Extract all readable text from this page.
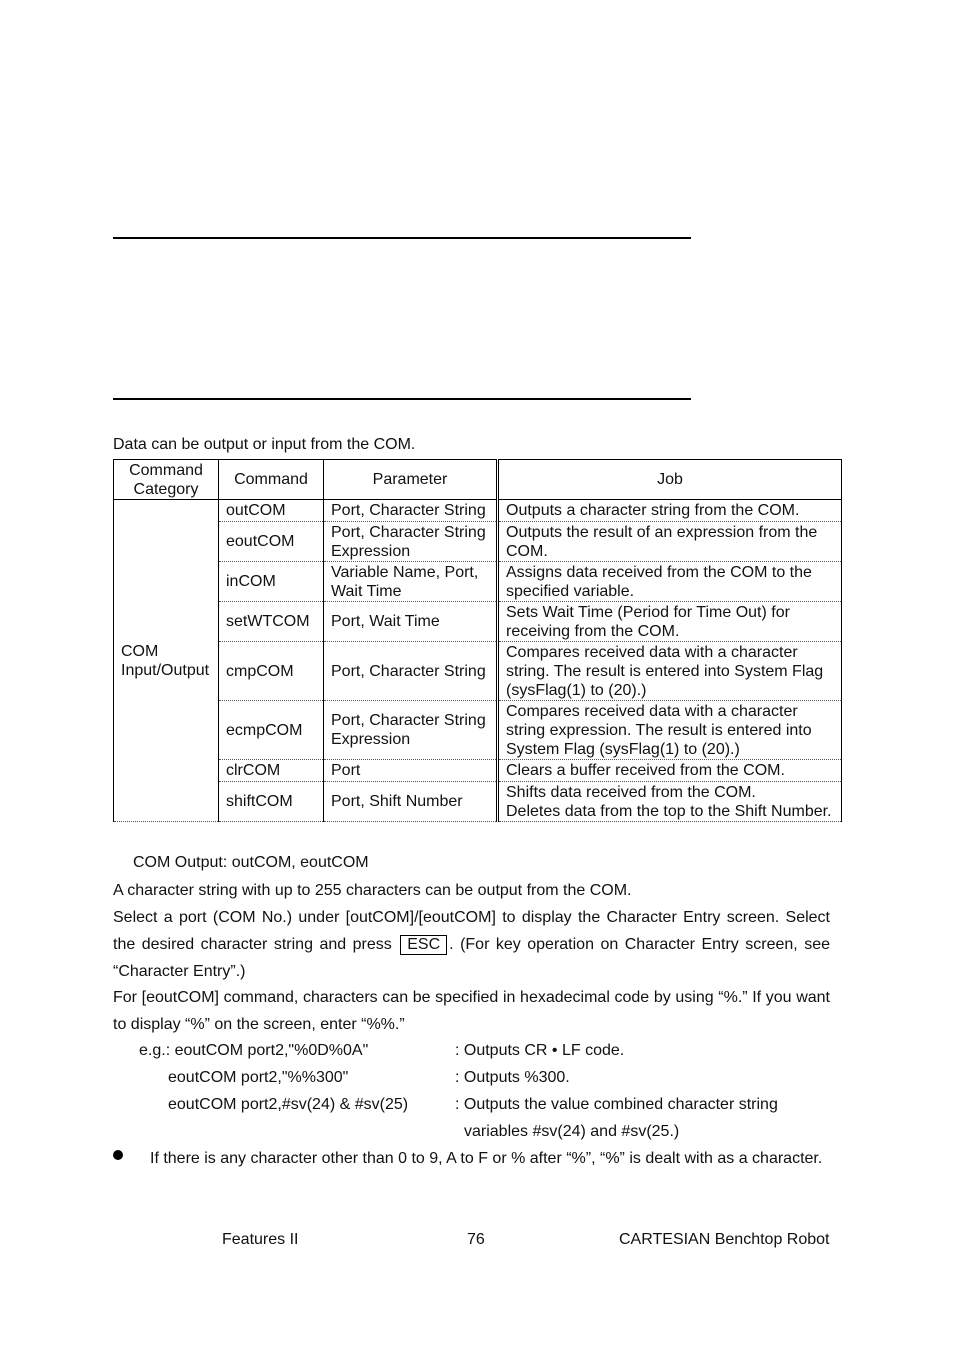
Data can be output or input from the COM.
Command Category	Command	Parameter	Job
COM Input/Output	outCOM	Port, Character String	Outputs a character string from the COM.
	eoutCOM	Port, Character String Expression	Outputs the result of an expression from the COM.
	inCOM	Variable Name, Port, Wait Time	Assigns data received from the COM to the specified variable.
	setWTCOM	Port, Wait Time	Sets Wait Time (Period for Time Out) for receiving from the COM.
	cmpCOM	Port, Character String	Compares received data with a character string. The result is entered into System Flag (sysFlag(1) to (20).)
	ecmpCOM	Port, Character String Expression	Compares received data with a character string expression. The result is entered into System Flag (sysFlag(1) to (20).)
	clrCOM	Port	Clears a buffer received from the COM.
	shiftCOM	Port, Shift Number	Shifts data received from the COM.
Deletes data from the top to the Shift Number.
COM Output: outCOM, eoutCOM
A character string with up to 255 characters can be output from the COM.
Select a port (COM No.) under [outCOM]/[eoutCOM] to display the Character Entry screen. Select the desired character string and press ESC . (For key operation on Character Entry screen, see “Character Entry”.)
For [eoutCOM] command, characters can be specified in hexadecimal code by using “%.” If you want to display “%” on the screen, enter “%%.”
e.g.: eoutCOM port2,"%0D%0A"	: Outputs CR • LF code.
eoutCOM port2,"%%300"	: Outputs %300.
eoutCOM port2,#sv(24) & #sv(25)	: Outputs the value combined character string
variables #sv(24) and #sv(25.)
If there is any character other than 0 to 9, A to F or % after “%”, “%” is dealt with as a character.
Features II	76	CARTESIAN Benchtop Robot
